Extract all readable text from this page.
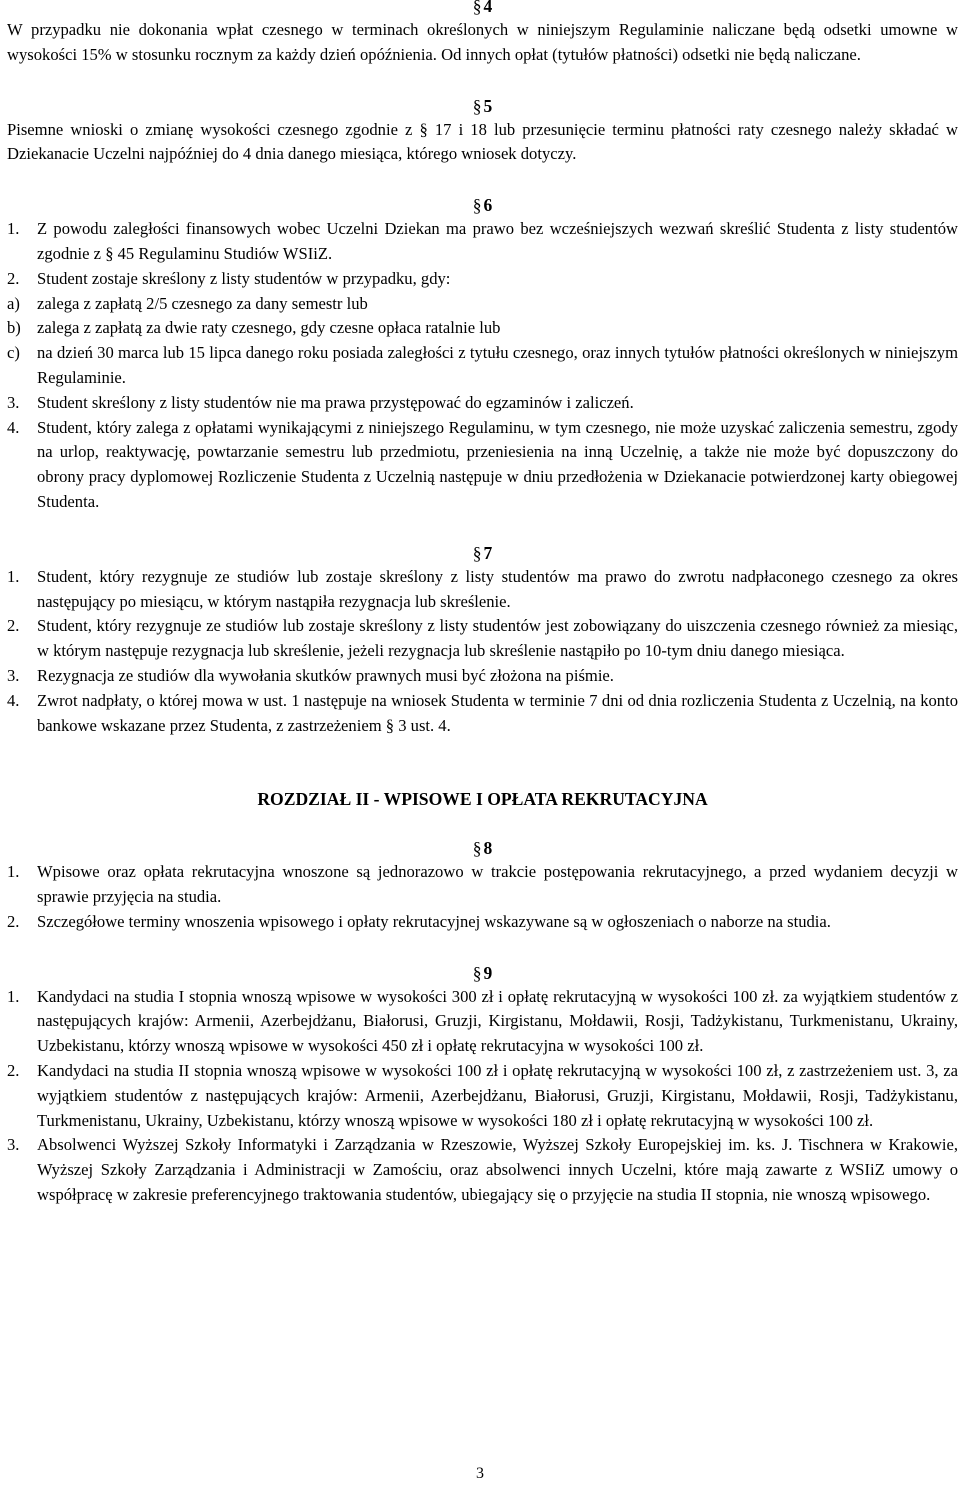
§ 4

W przypadku nie dokonania wpłat czesnego w terminach określonych w niniejszym Regulaminie naliczane będą odsetki umowne w wysokości 15% w stosunku rocznym za każdy dzień opóźnienia. Od innych opłat (tytułów płatności) odsetki nie będą naliczane.

§ 5

Pisemne wnioski o zmianę wysokości czesnego zgodnie z § 17 i 18 lub przesunięcie terminu płatności raty czesnego należy składać w Dziekanacie Uczelni najpóźniej do 4 dnia danego miesiąca, którego wniosek dotyczy.

§ 6
1.	Z powodu zaległości finansowych wobec Uczelni Dziekan ma prawo bez wcześniejszych wezwań skreślić Studenta z listy studentów zgodnie z § 45 Regulaminu Studiów WSIiZ.
2.	Student zostaje skreślony z listy studentów w przypadku, gdy:
a)	zalega z zapłatą 2/5 czesnego za dany semestr lub
b) zalega z zapłatą za dwie raty czesnego, gdy czesne opłaca ratalnie lub
c)	na dzień 30 marca lub 15 lipca danego roku posiada zaległości z tytułu czesnego, oraz innych tytułów płatności określonych w niniejszym Regulaminie.
3.	Student skreślony z listy studentów nie ma prawa przystępować do egzaminów i zaliczeń.
4.	Student, który zalega z opłatami wynikającymi z niniejszego Regulaminu, w tym czesnego, nie może uzyskać zaliczenia semestru, zgody na urlop, reaktywację, powtarzanie semestru lub przedmiotu, przeniesienia na inną Uczelnię, a także nie może być dopuszczony do obrony pracy dyplomowej Rozliczenie Studenta z Uczelnią następuje w dniu przedłożenia w Dziekanacie potwierdzonej karty obiegowej Studenta.
§ 7
1.	Student, który rezygnuje ze studiów lub zostaje skreślony z listy studentów ma prawo do zwrotu nadpłaconego czesnego za okres następujący po miesiącu, w którym nastąpiła rezygnacja lub skreślenie.
2.	Student, który rezygnuje ze studiów lub zostaje skreślony z listy studentów jest zobowiązany do uiszczenia czesnego również za miesiąc, w którym następuje rezygnacja lub skreślenie, jeżeli rezygnacja lub skreślenie nastąpiło po 10-tym dniu danego miesiąca.
3.	Rezygnacja ze studiów dla wywołania skutków prawnych musi być złożona na piśmie.
4.	Zwrot nadpłaty, o której mowa w ust. 1 następuje na wniosek Studenta w terminie 7 dni od dnia rozliczenia Studenta z Uczelnią, na konto bankowe wskazane przez Studenta, z zastrzeżeniem § 3 ust. 4.
ROZDZIAŁ II - WPISOWE I OPŁATA REKRUTACYJNA
§ 8
1.	Wpisowe oraz opłata rekrutacyjna wnoszone są jednorazowo w trakcie postępowania rekrutacyjnego, a przed wydaniem decyzji w sprawie przyjęcia na studia.
2.	Szczegółowe terminy wnoszenia wpisowego i opłaty rekrutacyjnej wskazywane są w ogłoszeniach o naborze na studia.
§ 9
1.	Kandydaci na studia I stopnia wnoszą wpisowe w wysokości 300 zł i opłatę rekrutacyjną w wysokości 100 zł. za wyjątkiem studentów z następujących krajów: Armenii, Azerbejdżanu, Białorusi, Gruzji, Kirgistanu, Mołdawii, Rosji, Tadżykistanu, Turkmenistanu, Ukrainy, Uzbekistanu, którzy wnoszą wpisowe w wysokości 450 zł i opłatę rekrutacyjna w wysokości 100 zł.
2.	Kandydaci na studia II stopnia wnoszą wpisowe w wysokości 100 zł i opłatę rekrutacyjną w wysokości 100 zł, z zastrzeżeniem ust. 3, za wyjątkiem studentów z następujących krajów: Armenii, Azerbejdżanu, Białorusi, Gruzji, Kirgistanu, Mołdawii, Rosji, Tadżykistanu, Turkmenistanu, Ukrainy, Uzbekistanu, którzy wnoszą wpisowe w wysokości 180 zł i opłatę rekrutacyjną w wysokości 100 zł.
3.	Absolwenci Wyższej Szkoły Informatyki i Zarządzania w Rzeszowie, Wyższej Szkoły Europejskiej im. ks. J. Tischnera w Krakowie, Wyższej Szkoły Zarządzania i Administracji w Zamościu, oraz absolwenci innych Uczelni, które mają zawarte z WSIiZ umowy o współpracę w zakresie preferencyjnego traktowania studentów, ubiegający się o przyjęcie na studia II stopnia, nie wnoszą wpisowego.
3
